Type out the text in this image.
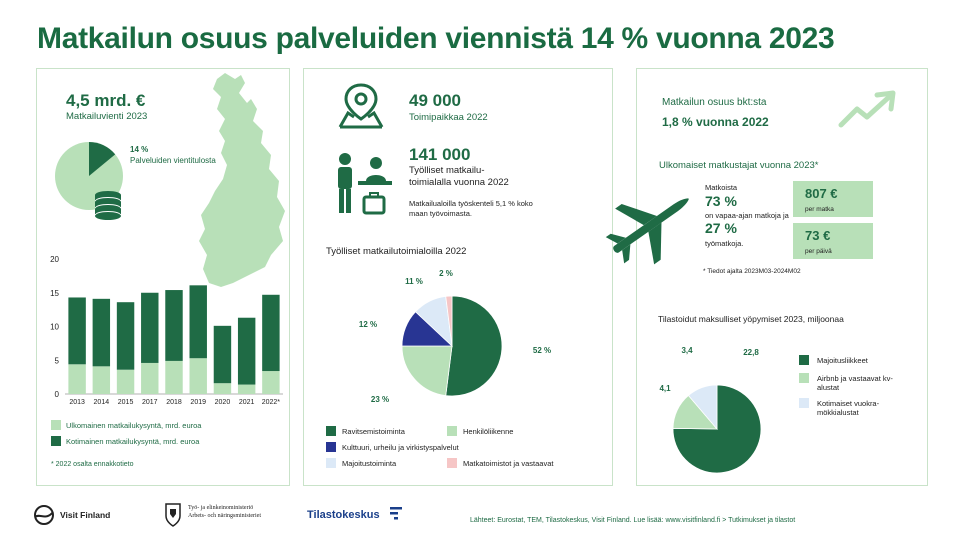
Matkailun osuus palveluiden viennistä 14 % vuonna 2023
4,5 mrd. €
Matkailuvienti 2023
14 %
Palveluiden vientitulosta
0
5
10
15
20
2013 2014 2015 2017 2018 2019 2020 2021 2022*
Ulkomainen matkailukysyntä, mrd. euroa
Kotimainen matkailukysyntä, mrd. euroa
* 2022 osalta ennakkotieto
49 000
Toimipaikkaa 2022
141 000
Työlliset matkailu-
toimialalla vuonna 2022
Matkailualoilla työskenteli 5,1 % koko
maan työvoimasta.
Työlliset matkailutoimialoilla 2022
52 %
23 %
12 %
11 %
2 %
Ravitsemistoiminta	Henkilöliikenne
Kulttuuri, urheilu ja virkistyspalvelut
Majoitustoiminta	Matkatoimistot ja vastaavat
Matkailun osuus bkt:sta
1,8 % vuonna 2022
Ulkomaiset matkustajat vuonna 2023*
Matkoista
73 %
on vapaa-ajan matkoja ja
27 %
työmatkoja.
807 €
per matka
73 €
per päivä
* Tiedot ajalta 2023M03-2024M02
Tilastoidut maksulliset yöpymiset 2023, miljoonaa
22,8
4,1
3,4
Majoitusliikkeet
Airbnb ja vastaavat kv-
alustat
Kotimaiset vuokra-
mökkialustat
Visit Finland
Työ- ja elinkeinoministeriö
Arbets- och näringsministeriet	Tilastokeskus	Lähteet: Eurostat, TEM, Tilastokeskus, Visit Finland. Lue lisää: www.visitfinland.fi > Tutkimukset ja tilastot
